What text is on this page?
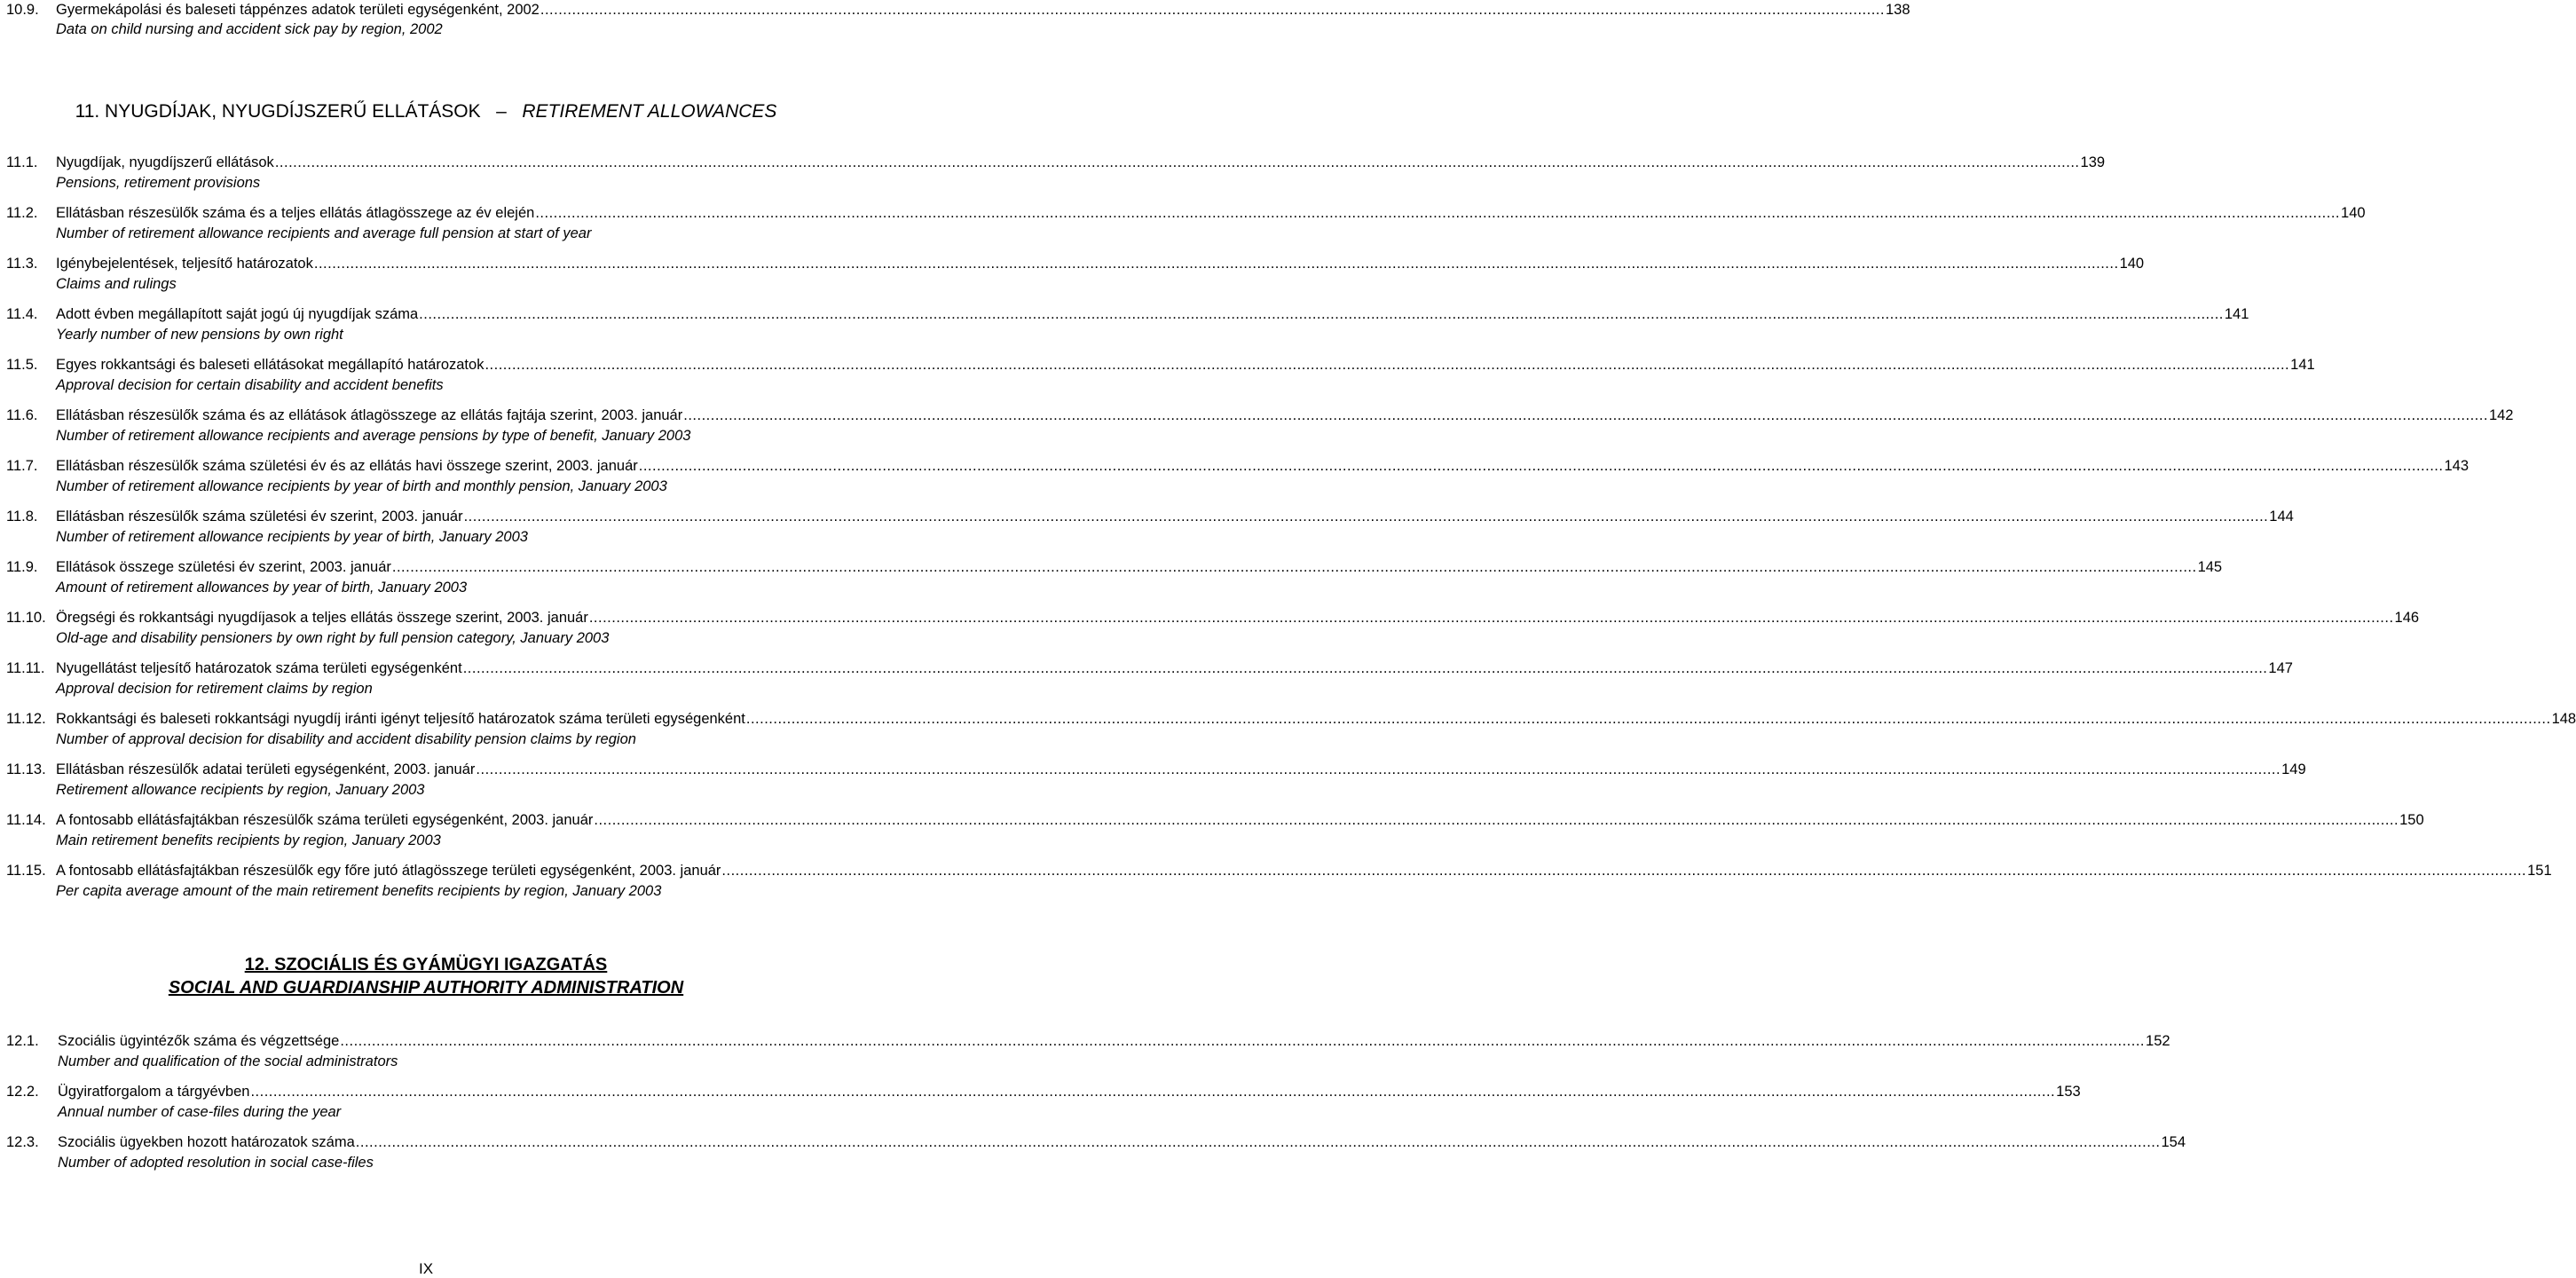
10.9. Gyermekápolási és baleseti táppénzes adatok területi egységenként, 2002 .......................................................................................................................................................................................................................................................................................................... 138
Data on child nursing and accident sick pay by region, 2002
11. NYUGDÍJAK, NYUGDÍJSZERŰ ELLÁTÁSOK – RETIREMENT ALLOWANCES
11.1. Nyugdíjak, nyugdíjszerű ellátások ................................................................................................................................................................................................................................................................................................................................................................................................................ 139
Pensions, retirement provisions
11.2. Ellátásban részesülők száma és a teljes ellátás átlagösszege az év elején ................................................................................................................................................................................................................................................................................................................................................................................................................ 140
Number of retirement allowance recipients and average full pension at start of year
11.3. Igénybejelentések, teljesítő határozatok ................................................................................................................................................................................................................................................................................................................................................................................................................ 140
Claims and rulings
11.4. Adott évben megállapított saját jogú új nyugdíjak száma ................................................................................................................................................................................................................................................................................................................................................................................................................ 141
Yearly number of new pensions by own right
11.5. Egyes rokkantsági és baleseti ellátásokat megállapító határozatok ................................................................................................................................................................................................................................................................................................................................................................................................................ 141
Approval decision for certain disability and accident benefits
11.6. Ellátásban részesülők száma és az ellátások átlagösszege az ellátás fajtája szerint, 2003. január ................................................................................................................................................................................................................................................................................................................................................................................................................ 142
Number of retirement allowance recipients and average pensions by type of benefit, January 2003
11.7. Ellátásban részesülők száma születési év és az ellátás havi összege szerint, 2003. január ................................................................................................................................................................................................................................................................................................................................................................................................................ 143
Number of retirement allowance recipients by year of birth and monthly pension, January 2003
11.8. Ellátásban részesülők száma születési év szerint, 2003. január ................................................................................................................................................................................................................................................................................................................................................................................................................ 144
Number of retirement allowance recipients by year of birth, January 2003
11.9. Ellátások összege születési év szerint, 2003. január ................................................................................................................................................................................................................................................................................................................................................................................................................ 145
Amount of retirement allowances by year of birth, January 2003
11.10. Öregségi és rokkantsági nyugdíjasok a teljes ellátás összege szerint, 2003. január ................................................................................................................................................................................................................................................................................................................................................................................................................ 146
Old-age and disability pensioners by own right by full pension category, January 2003
11.11. Nyugellátást teljesítő határozatok száma területi egységenként ................................................................................................................................................................................................................................................................................................................................................................................................................ 147
Approval decision for retirement claims by region
11.12. Rokkantsági és baleseti rokkantsági nyugdíj iránti igényt teljesítő határozatok száma területi egységenként ................................................................................................................................................................................................................................................................................................................................................................................................................ 148
Number of approval decision for disability and accident disability pension claims by region
11.13. Ellátásban részesülők adatai területi egységenként, 2003. január ................................................................................................................................................................................................................................................................................................................................................................................................................ 149
Retirement allowance recipients by region, January 2003
11.14. A fontosabb ellátásfajtákban részesülők száma területi egységenként, 2003. január ................................................................................................................................................................................................................................................................................................................................................................................................................ 150
Main retirement benefits recipients by region, January 2003
11.15. A fontosabb ellátásfajtákban részesülők egy főre jutó átlagösszege területi egységenként, 2003. január ................................................................................................................................................................................................................................................................................................................................................................................................................ 151
Per capita average amount of the main retirement benefits recipients by region, January 2003
12. SZOCIÁLIS ÉS GYÁMÜGYI IGAZGATÁS
SOCIAL AND GUARDIANSHIP AUTHORITY ADMINISTRATION
12.1. Szociális ügyintézők száma és végzettsége ................................................................................................................................................................................................................................................................................................................................................................................................................ 152
Number and qualification of the social administrators
12.2. Ügyiratforgalom a tárgyévben ................................................................................................................................................................................................................................................................................................................................................................................................................ 153
Annual number of case-files during the year
12.3. Szociális ügyekben hozott határozatok száma ................................................................................................................................................................................................................................................................................................................................................................................................................ 154
Number of adopted resolution in social case-files
IX
